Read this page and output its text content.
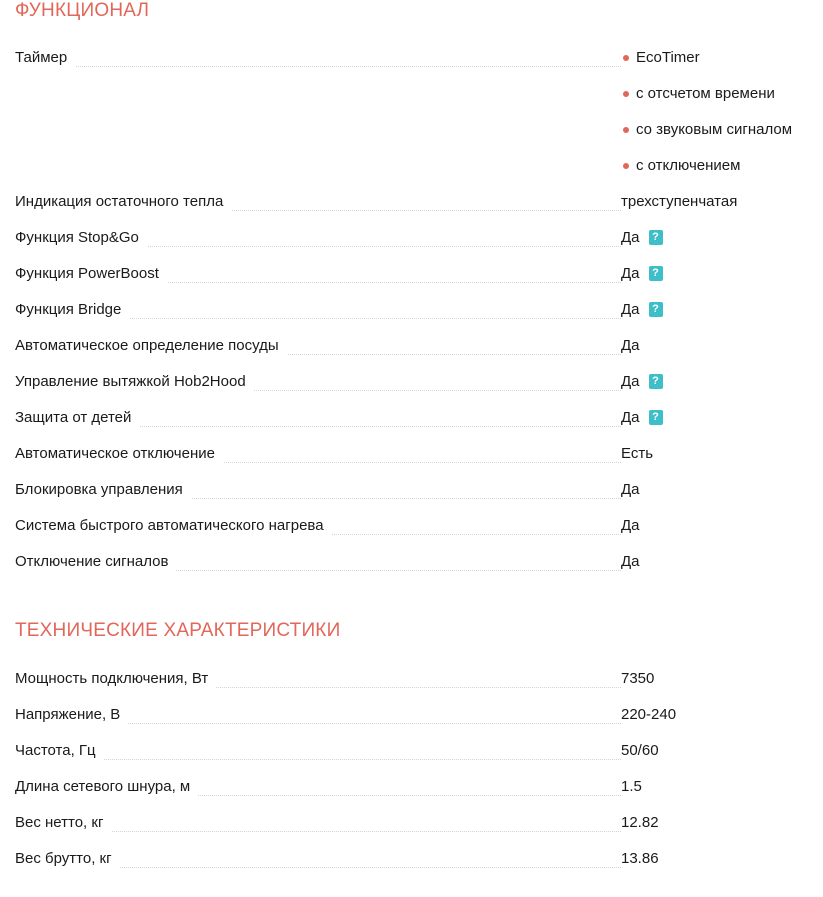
ФУНКЦИОНАЛ
Таймер	EcoTimer
с отсчетом времени
со звуковым сигналом
с отключением
Индикация остаточного тепла	трехступенчатая
Функция Stop&Go	Да	?
Функция PowerBoost	Да	?
Функция Bridge	Да	?
Автоматическое определение посуды	Да
Управление вытяжкой Hob2Hood	Да	?
Защита от детей	Да	?
Автоматическое отключение	Есть
Блокировка управления	Да
Система быстрого автоматического нагрева	Да
Отключение сигналов	Да
ТЕХНИЧЕСКИЕ ХАРАКТЕРИСТИКИ
Мощность подключения, Вт	7350
Напряжение, В	220-240
Частота, Гц	50/60
Длина сетевого шнура, м	1.5
Вес нетто, кг	12.82
Вес брутто, кг	13.86
